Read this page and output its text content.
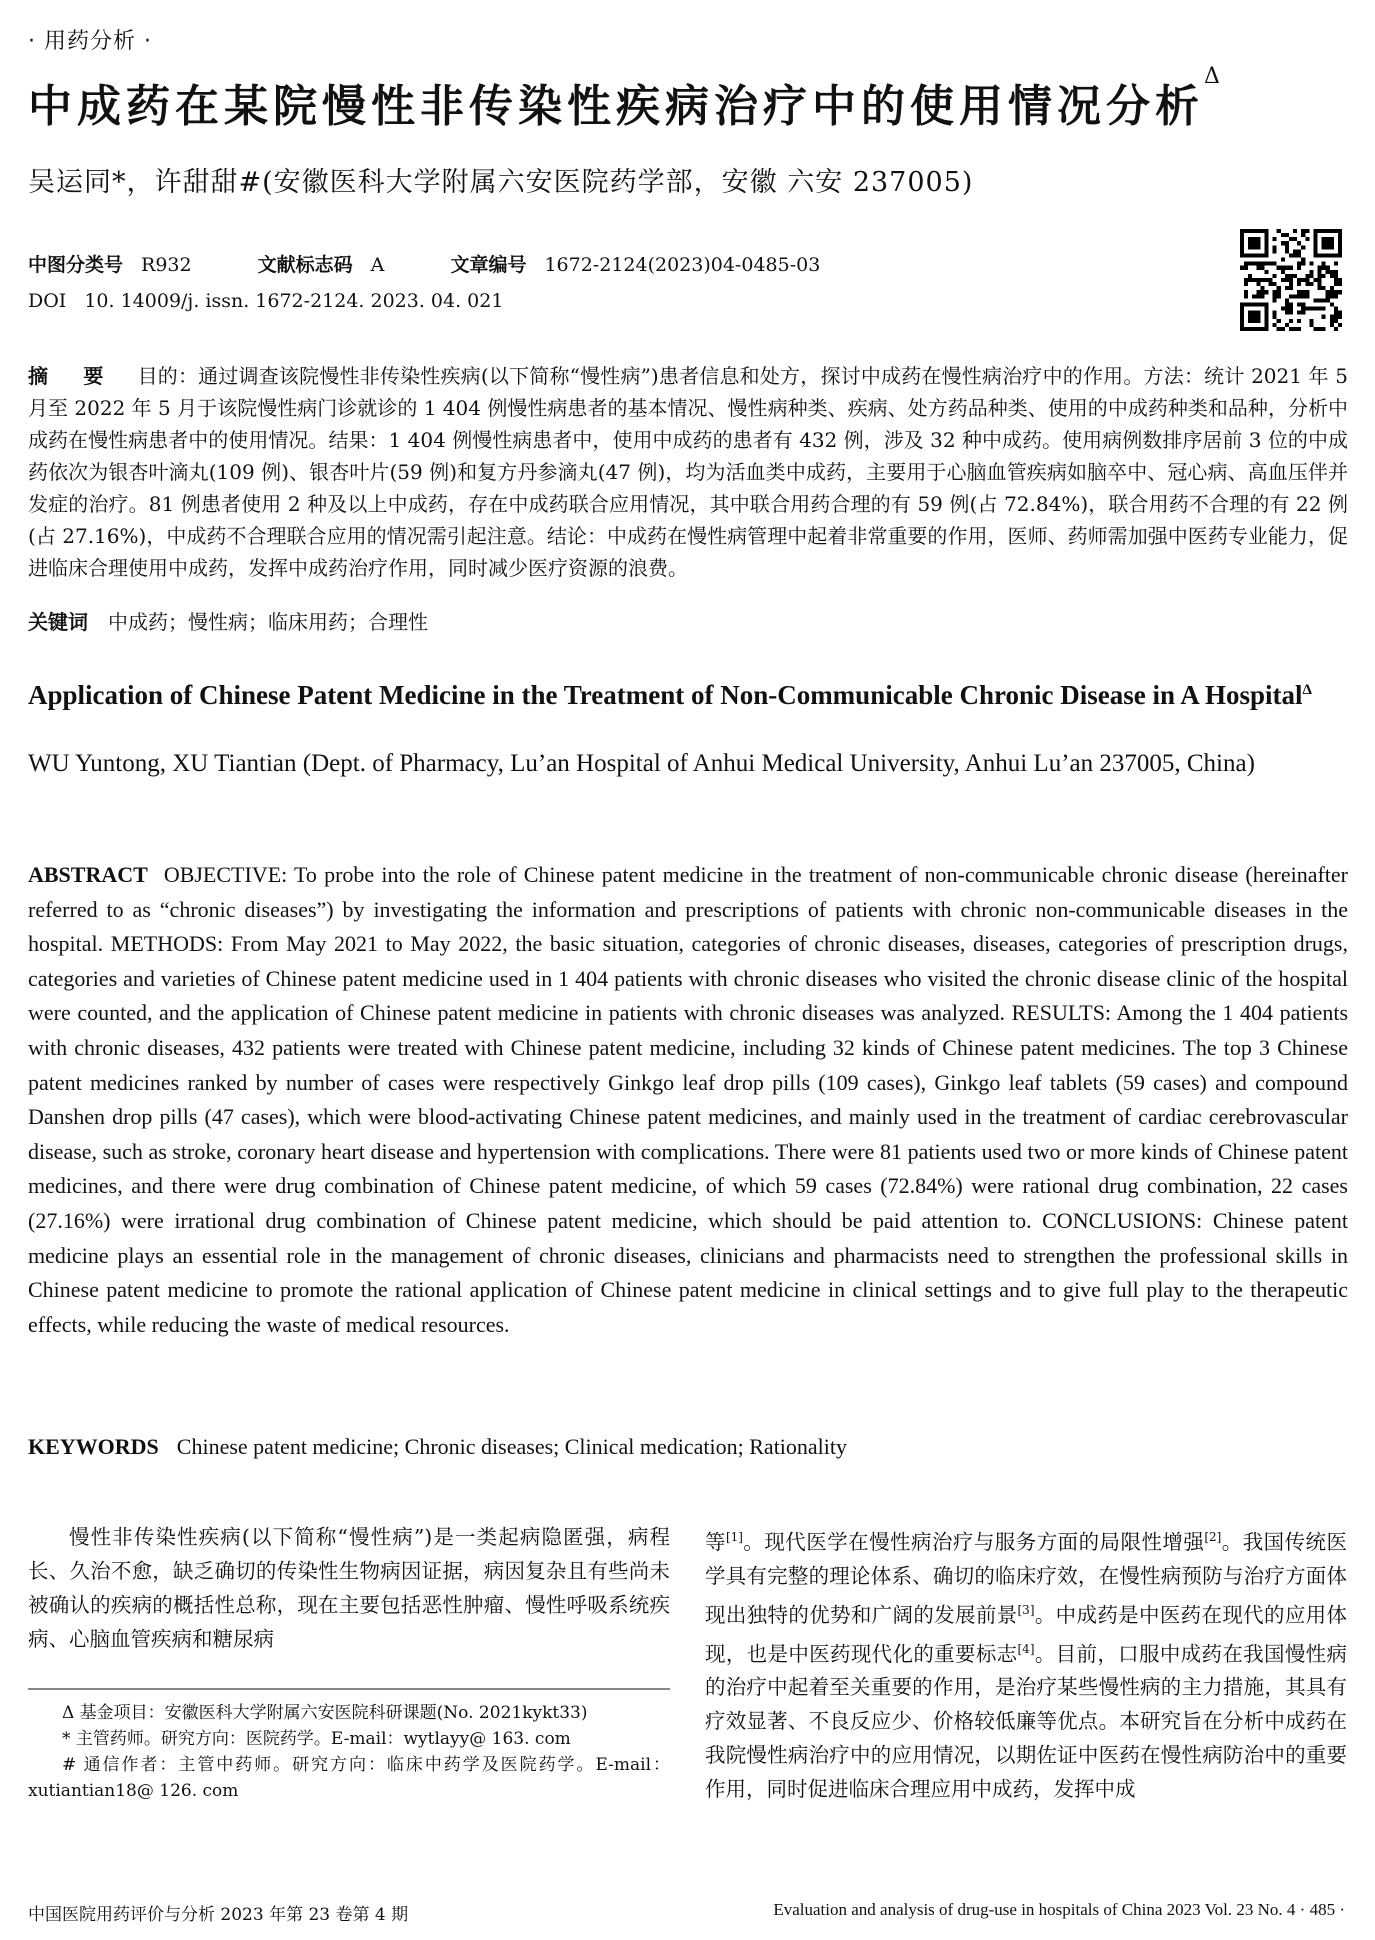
· 用药分析 ·
中成药在某院慢性非传染性疾病治疗中的使用情况分析$^\Delta$
吴运同*，许甜甜#(安徽医科大学附属六安医院药学部，安徽 六安 237005)
中图分类号 R932	文献标志码 A	文章编号 1672-2124(2023)04-0485-03
DOI 10. 14009/j. issn. 1672-2124. 2023. 04. 021
摘 要 目的：通过调查该院慢性非传染性疾病(以下简称“慢性病”)患者信息和处方，探讨中成药在慢性病治疗中的作用。方法：统计 2021 年 5 月至 2022 年 5 月于该院慢性病门诊就诊的 1 404 例慢性病患者的基本情况、慢性病种类、疾病、处方药品种类、使用的中成药种类和品种，分析中成药在慢性病患者中的使用情况。结果：1 404 例慢性病患者中，使用中成药的患者有 432 例，涉及 32 种中成药。使用病例数排序居前 3 位的中成药依次为银杏叶滴丸(109 例)、银杏叶片(59 例)和复方丹参滴丸(47 例)，均为活血类中成药，主要用于心脑血管疾病如脑卒中、冠心病、高血压伴并发症的治疗。81 例患者使用 2 种及以上中成药，存在中成药联合应用情况，其中联合用药合理的有 59 例(占 72.84%)，联合用药不合理的有 22 例(占 27.16%)，中成药不合理联合应用的情况需引起注意。结论：中成药在慢性病管理中起着非常重要的作用，医师、药师需加强中医药专业能力，促进临床合理使用中成药，发挥中成药治疗作用，同时减少医疗资源的浪费。
关键词 中成药；慢性病；临床用药；合理性
Application of Chinese Patent Medicine in the Treatment of Non-Communicable Chronic Disease in A Hospital$^\Delta$
WU Yuntong, XU Tiantian (Dept. of Pharmacy, Lu’an Hospital of Anhui Medical University, Anhui Lu’an 237005, China)
ABSTRACT OBJECTIVE: To probe into the role of Chinese patent medicine in the treatment of non-communicable chronic disease (hereinafter referred to as “chronic diseases”) by investigating the information and prescriptions of patients with chronic non-communicable diseases in the hospital. METHODS: From May 2021 to May 2022, the basic situation, categories of chronic diseases, diseases, categories of prescription drugs, categories and varieties of Chinese patent medicine used in 1 404 patients with chronic diseases who visited the chronic disease clinic of the hospital were counted, and the application of Chinese patent medicine in patients with chronic diseases was analyzed. RESULTS: Among the 1 404 patients with chronic diseases, 432 patients were treated with Chinese patent medicine, including 32 kinds of Chinese patent medicines. The top 3 Chinese patent medicines ranked by number of cases were respectively Ginkgo leaf drop pills (109 cases), Ginkgo leaf tablets (59 cases) and compound Danshen drop pills (47 cases), which were blood-activating Chinese patent medicines, and mainly used in the treatment of cardiac cerebrovascular disease, such as stroke, coronary heart disease and hypertension with complications. There were 81 patients used two or more kinds of Chinese patent medicines, and there were drug combination of Chinese patent medicine, of which 59 cases (72.84%) were rational drug combination, 22 cases (27.16%) were irrational drug combination of Chinese patent medicine, which should be paid attention to. CONCLUSIONS: Chinese patent medicine plays an essential role in the management of chronic diseases, clinicians and pharmacists need to strengthen the professional skills in Chinese patent medicine to promote the rational application of Chinese patent medicine in clinical settings and to give full play to the therapeutic effects, while reducing the waste of medical resources.
KEYWORDS Chinese patent medicine; Chronic diseases; Clinical medication; Rationality

慢性非传染性疾病(以下简称“慢性病”)是一类起病隐匿强，病程长、久治不愈，缺乏确切的传染性生物病因证据，病因复杂且有些尚未被确认的疾病的概括性总称，现在主要包括恶性肿瘤、慢性呼吸系统疾病、心脑血管疾病和糖尿病

等[1]。现代医学在慢性病治疗与服务方面的局限性增强[2]。我国传统医学具有完整的理论体系、确切的临床疗效，在慢性病预防与治疗方面体现出独特的优势和广阔的发展前景[3]。中成药是中医药在现代的应用体现，也是中医药现代化的重要标志[4]。目前，口服中成药在我国慢性病的治疗中起着至关重要的作用，是治疗某些慢性病的主力措施，其具有疗效显著、不良反应少、价格较低廉等优点。本研究旨在分析中成药在我院慢性病治疗中的应用情况，以期佐证中医药在慢性病防治中的重要作用，同时促进临床合理应用中成药，发挥中成

Δ 基金项目：安徽医科大学附属六安医院科研课题(No. 2021kykt33)

* 主管药师。研究方向：医院药学。E-mail：wytlayy@ 163. com

# 通信作者：主管中药师。研究方向：临床中药学及医院药学。E-mail：xutiantian18@ 126. com

中国医院用药评价与分析 2023 年第 23 卷第 4 期	Evaluation and analysis of drug-use in hospitals of China 2023 Vol. 23 No. 4 · 485 ·
